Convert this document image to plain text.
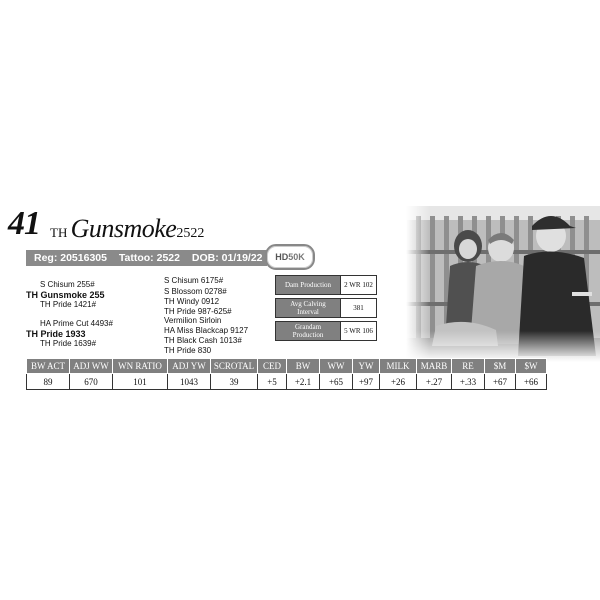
41 TH Gunsmoke2522
Reg: 20516305 Tattoo: 2522 DOB: 01/19/22	HD50K
S Chisum 255#
TH Gunsmoke 255
TH Pride 1421#
HA Prime Cut 4493#
TH Pride 1933
TH Pride 1639#
S Chisum 6175#
S Blossom 0278#
TH Windy 0912
TH Pride 987-625#
Vermilion Sirloin
HA Miss Blackcap 9127
TH Black Cash 1013#
TH Pride 830
Dam Production	2 WR 102

Avg Calving Interval	381

Grandam Production	5 WR 106
BW ACT	ADJ WW	WN RATIO	ADJ YW	SCROTAL	CED	BW	WW	YW	MILK	MARB	RE	$M	$W
89	670	101	1043	39	+5	+2.1	+65	+97	+26	+.27	+.33	+67	+66
